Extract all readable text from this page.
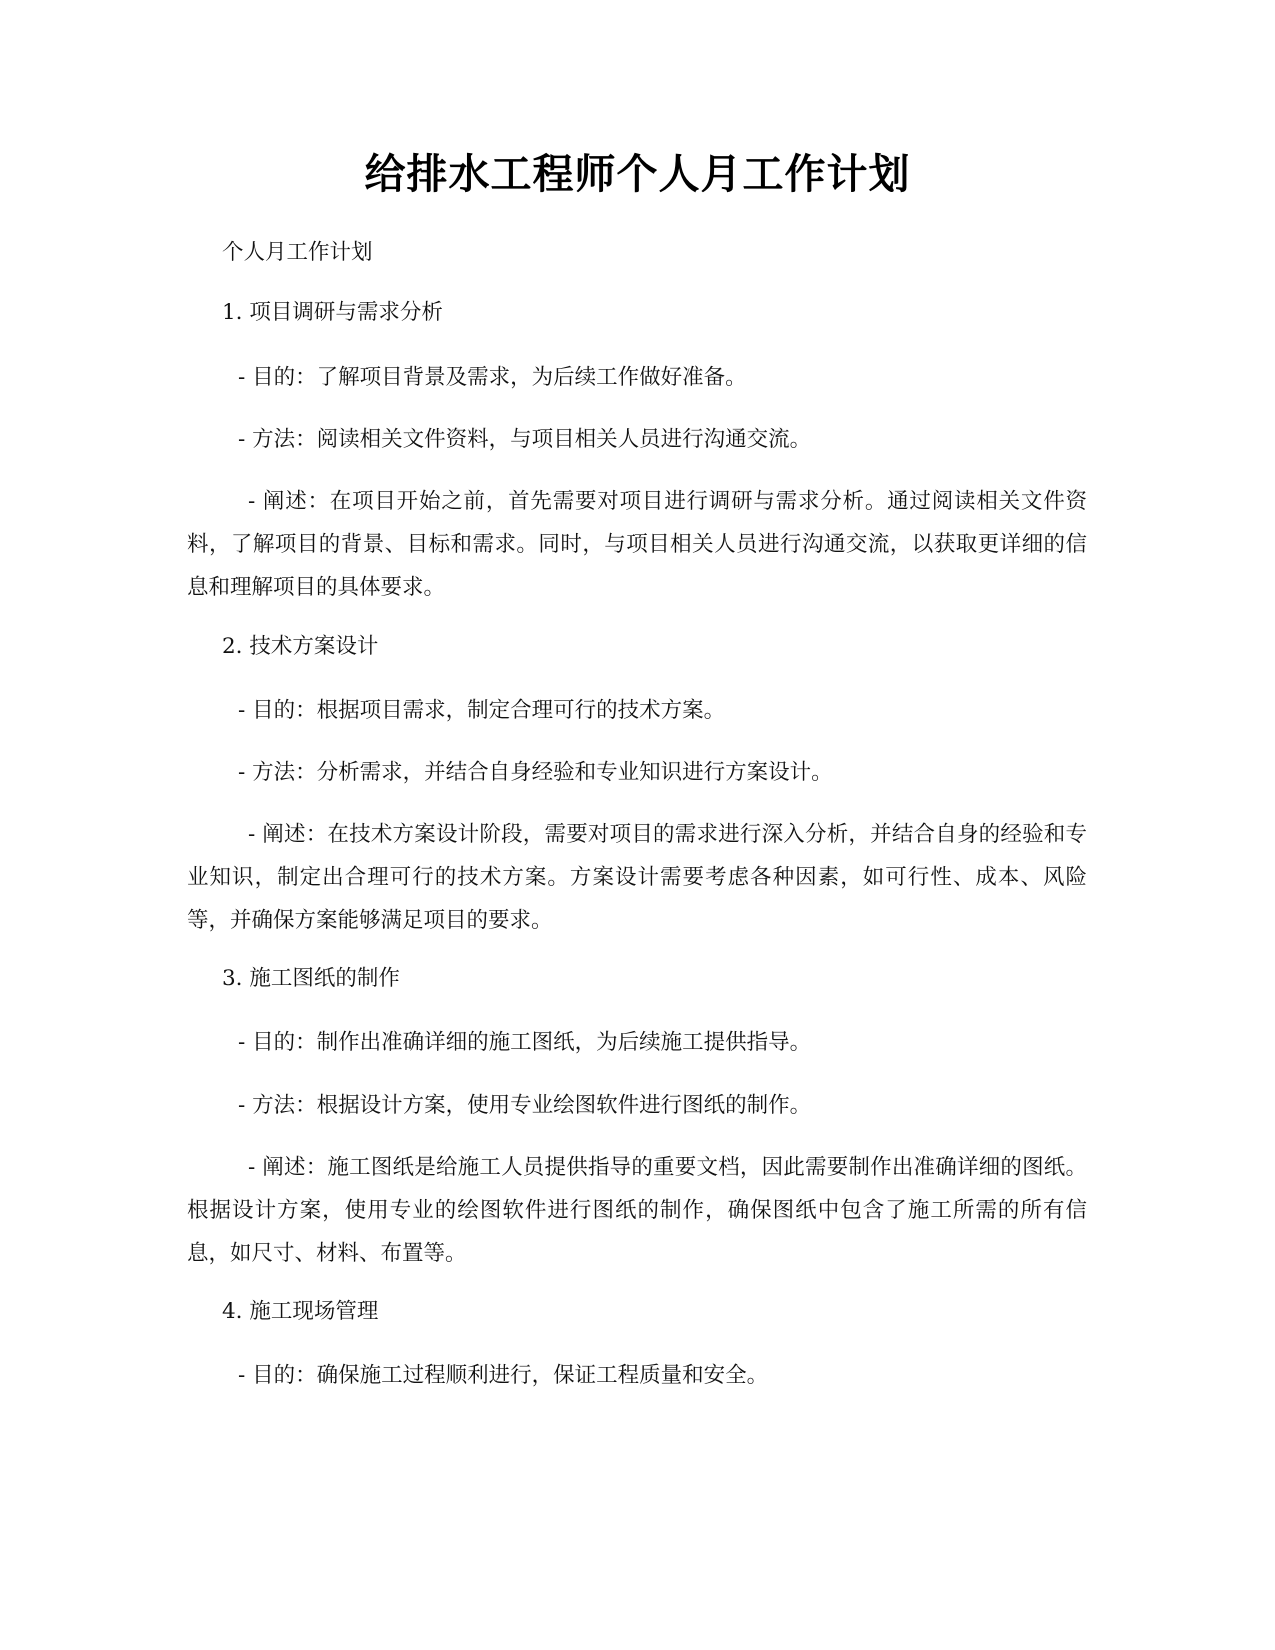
给排水工程师个人月工作计划

个人月工作计划

1. 项目调研与需求分析

- 目的：了解项目背景及需求，为后续工作做好准备。

- 方法：阅读相关文件资料，与项目相关人员进行沟通交流。

- 阐述：在项目开始之前，首先需要对项目进行调研与需求分析。通过阅读相关文件资料，了解项目的背景、目标和需求。同时，与项目相关人员进行沟通交流，以获取更详细的信息和理解项目的具体要求。

2. 技术方案设计

- 目的：根据项目需求，制定合理可行的技术方案。

- 方法：分析需求，并结合自身经验和专业知识进行方案设计。

- 阐述：在技术方案设计阶段，需要对项目的需求进行深入分析，并结合自身的经验和专业知识，制定出合理可行的技术方案。方案设计需要考虑各种因素，如可行性、成本、风险等，并确保方案能够满足项目的要求。

3. 施工图纸的制作

- 目的：制作出准确详细的施工图纸，为后续施工提供指导。

- 方法：根据设计方案，使用专业绘图软件进行图纸的制作。

- 阐述：施工图纸是给施工人员提供指导的重要文档，因此需要制作出准确详细的图纸。根据设计方案，使用专业的绘图软件进行图纸的制作，确保图纸中包含了施工所需的所有信息，如尺寸、材料、布置等。

4. 施工现场管理

- 目的：确保施工过程顺利进行，保证工程质量和安全。
